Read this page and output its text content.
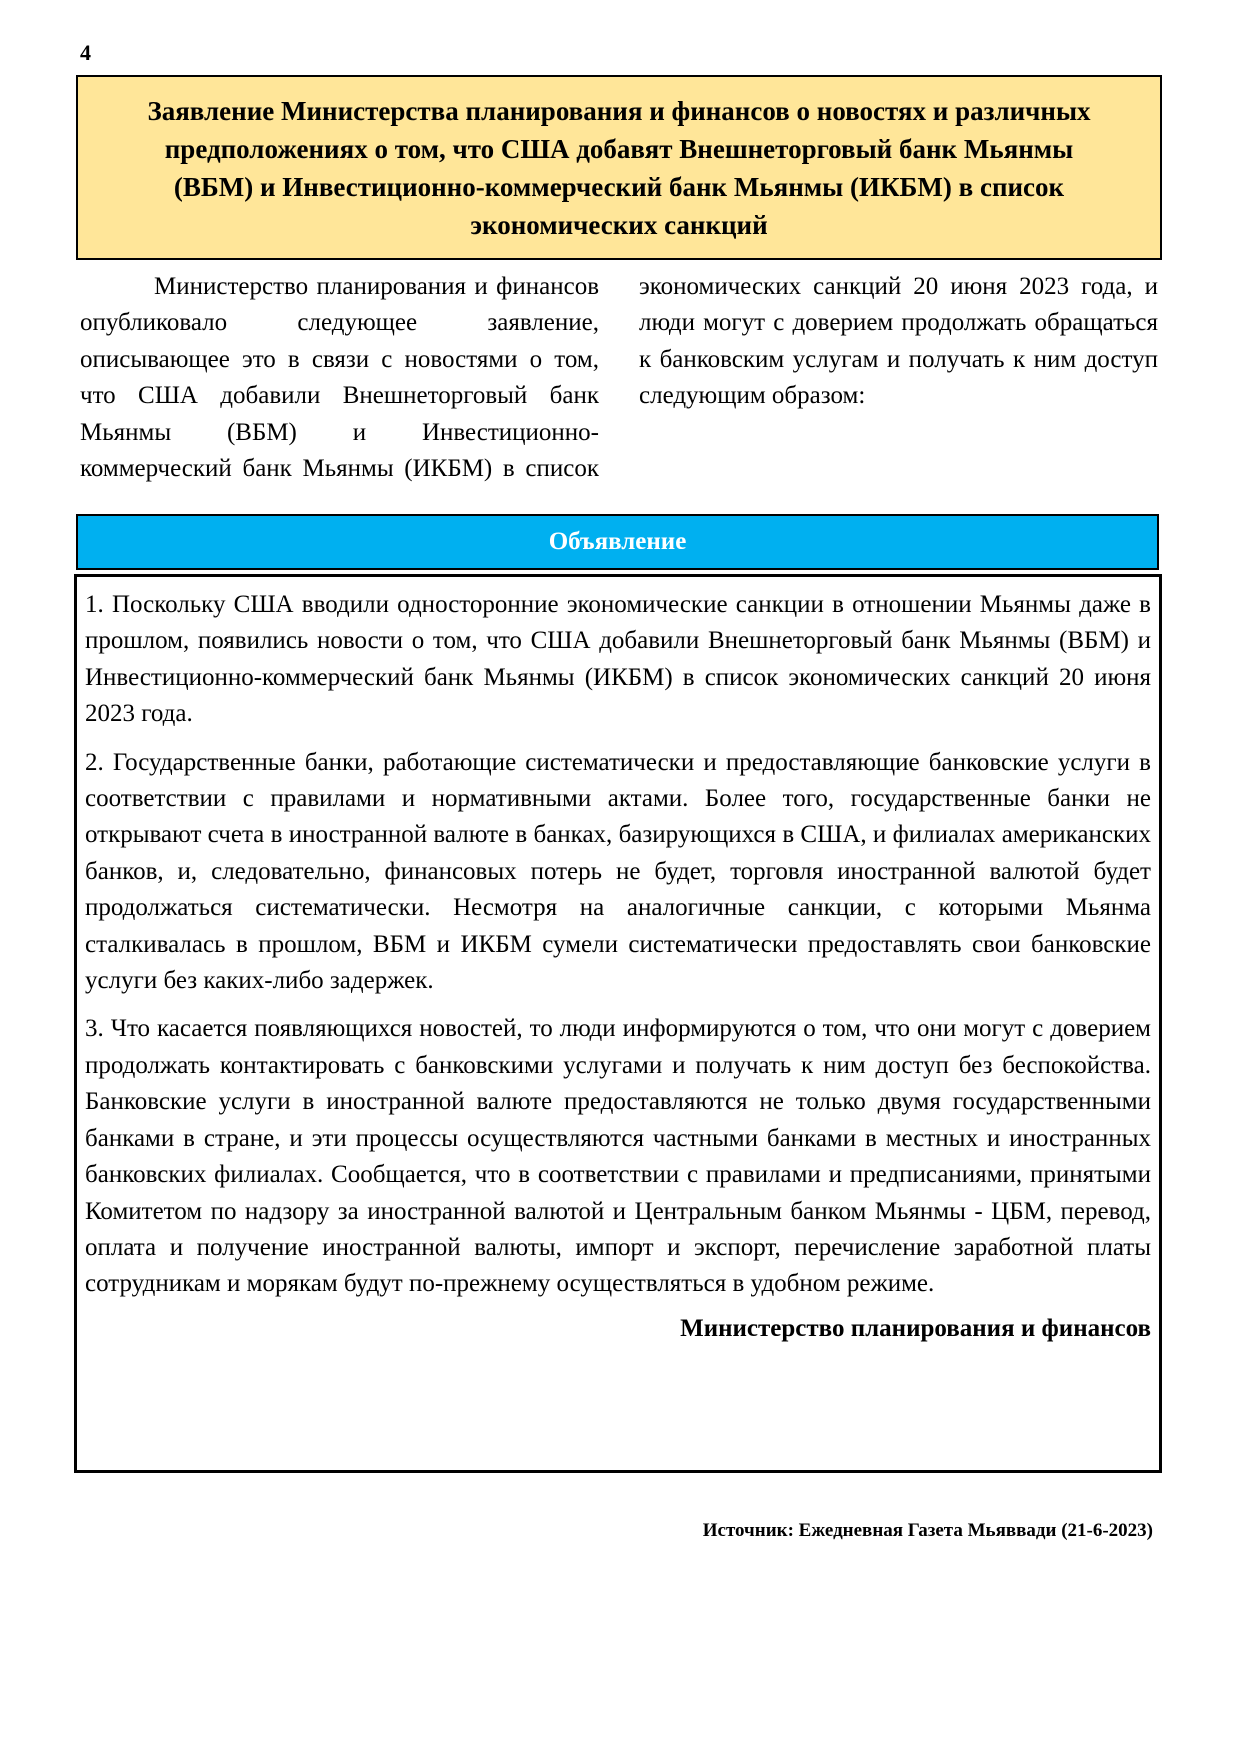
4
Заявление Министерства планирования и финансов о новостях и различных предположениях о том, что США добавят Внешнеторговый банк Мьянмы (ВБМ) и Инвестиционно-коммерческий банк Мьянмы (ИКБМ) в список экономических санкций
Министерство планирования и финансов опубликовало следующее заявление, описывающее это в связи с новостями о том, что США добавили Внешнеторговый банк Мьянмы (ВБМ) и Инвестиционно-коммерческий банк Мьянмы (ИКБМ) в список экономических санкций 20 июня 2023 года, и люди могут с доверием продолжать обращаться к банковским услугам и получать к ним доступ следующим образом:
Объявление

1. Поскольку США вводили односторонние экономические санкции в отношении Мьянмы даже в прошлом, появились новости о том, что США добавили Внешнеторговый банк Мьянмы (ВБМ) и Инвестиционно-коммерческий банк Мьянмы (ИКБМ) в список экономических санкций 20 июня 2023 года.

2. Государственные банки, работающие систематически и предоставляющие банковские услуги в соответствии с правилами и нормативными актами. Более того, государственные банки не открывают счета в иностранной валюте в банках, базирующихся в США, и филиалах американских банков, и, следовательно, финансовых потерь не будет, торговля иностранной валютой будет продолжаться систематически. Несмотря на аналогичные санкции, с которыми Мьянма сталкивалась в прошлом, ВБМ и ИКБМ сумели систематически предоставлять свои банковские услуги без каких-либо задержек.

3. Что касается появляющихся новостей, то люди информируются о том, что они могут с доверием продолжать контактировать с банковскими услугами и получать к ним доступ без беспокойства. Банковские услуги в иностранной валюте предоставляются не только двумя государственными банками в стране, и эти процессы осуществляются частными банками в местных и иностранных банковских филиалах. Сообщается, что в соответствии с правилами и предписаниями, принятыми Комитетом по надзору за иностранной валютой и Центральным банком Мьянмы - ЦБМ, перевод, оплата и получение иностранной валюты, импорт и экспорт, перечисление заработной платы сотрудникам и морякам будут по-прежнему осуществляться в удобном режиме.

Министерство планирования и финансов
Источник: Ежедневная Газета Мьяввади (21-6-2023)
